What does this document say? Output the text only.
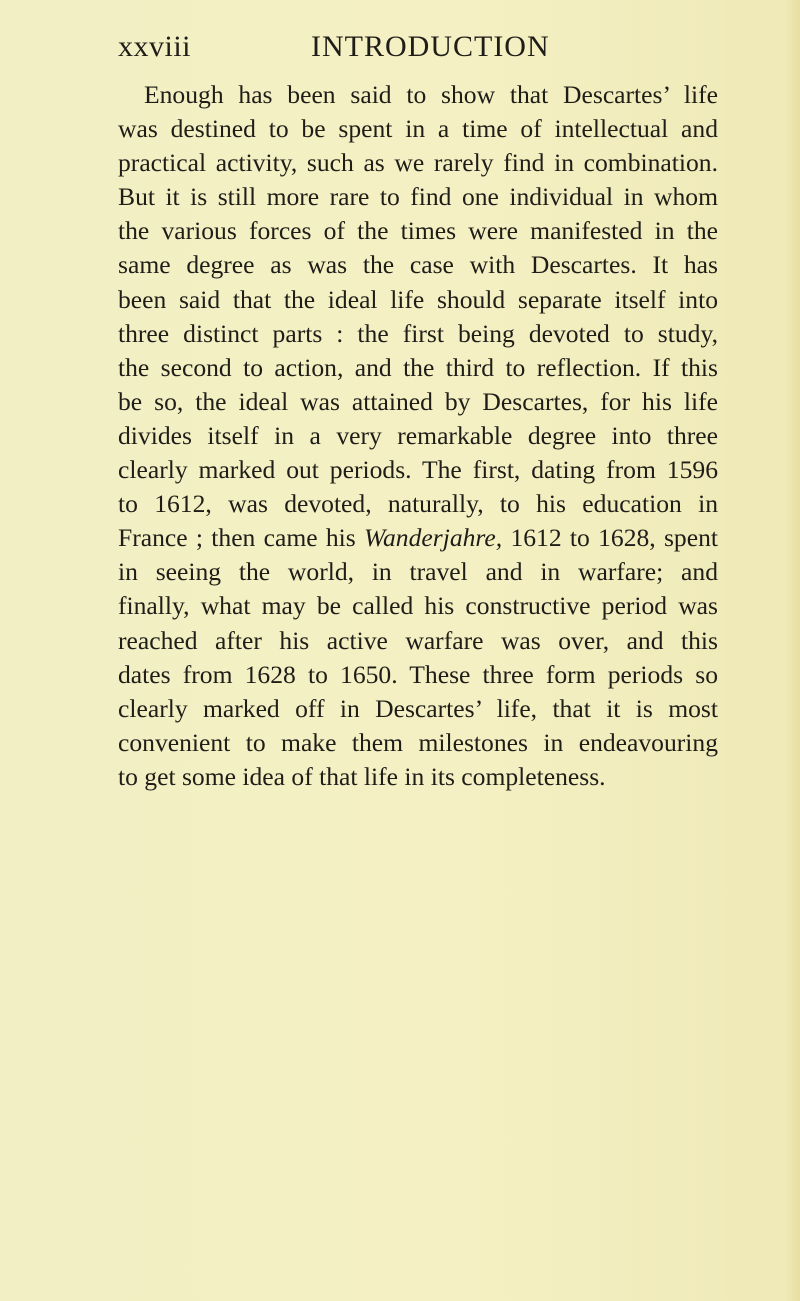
xxviii	INTRODUCTION
Enough has been said to show that Descartes’ life
was destined to be spent in a time of intellectual and
practical activity, such as we rarely find in combination.
But it is still more rare to find one individual in whom
the various forces of the times were manifested in the
same degree as was the case with Descartes. It has
been said that the ideal life should separate itself into
three distinct parts : the first being devoted to study,
the second to action, and the third to reflection. If this
be so, the ideal was attained by Descartes, for his life
divides itself in a very remarkable degree into three
clearly marked out periods. The first, dating from 1596
to 1612, was devoted, naturally, to his education in
France ; then came his Wanderjahre, 1612 to 1628, spent
in seeing the world, in travel and in warfare; and
finally, what may be called his constructive period was
reached after his active warfare was over, and this
dates from 1628 to 1650. These three form periods so
clearly marked off in Descartes’ life, that it is most
convenient to make them milestones in endeavouring
to get some idea of that life in its completeness.
